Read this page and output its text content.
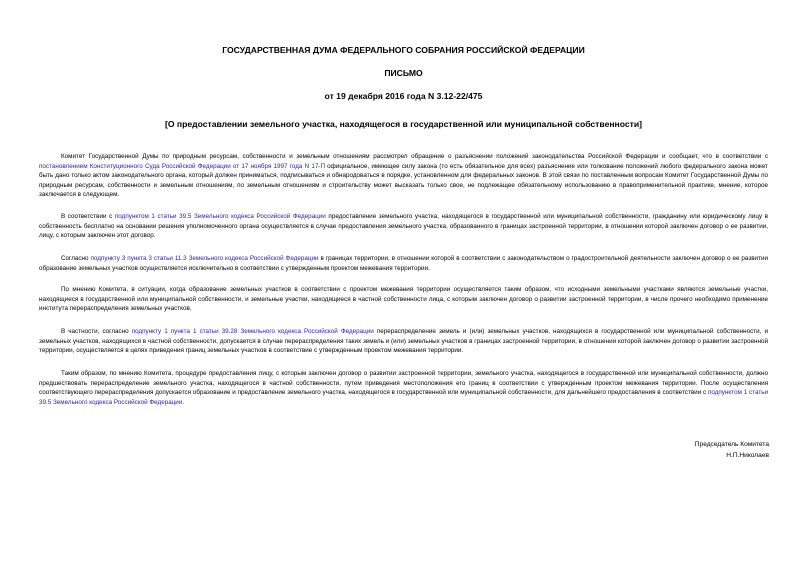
ГОСУДАРСТВЕННАЯ ДУМА ФЕДЕРАЛЬНОГО СОБРАНИЯ РОССИЙСКОЙ ФЕДЕРАЦИИ
ПИСЬМО
от 19 декабря 2016 года N 3.12-22/475
[О предоставлении земельного участка, находящегося в государственной или муниципальной собственности]

Комитет Государственной Думы по природным ресурсам, собственности и земельным отношениям рассмотрел обращение о разъяснении положений законодательства Российской Федерации и сообщает, что в соответствии с постановлением Конституционного Суда Российской Федерации от 17 ноября 1997 года N 17-П официальное, имеющее силу закона (то есть обязательное для всех) разъяснение или толкование положений любого федерального закона может быть дано только актом законодательного органа, который должен приниматься, подписываться и обнародоваться в порядке, установленном для федеральных законов. В этой связи по поставленным вопросам Комитет Государственной Думы по природным ресурсам, собственности и земельным отношениям, по земельным отношениям и строительству может высказать только свое, не подлежащее обязательному использованию в правоприменительной практике, мнение, которое заключается в следующем.

В соответствии с подпунктом 1 статьи 39.5 Земельного кодекса Российской Федерации предоставление земельного участка, находящегося в государственной или муниципальной собственности, гражданину или юридическому лицу в собственность бесплатно на основании решения уполномоченного органа осуществляется в случае предоставления земельного участка, образованного в границах застроенной территории, в отношении которой заключен договор о ее развитии, лицу, с которым заключен этот договор.

Согласно подпункту 3 пункта 3 статьи 11.3 Земельного кодекса Российской Федерации в границах территории, в отношении которой в соответствии с законодательством о градостроительной деятельности заключен договор о ее развитии образование земельных участков осуществляется исключительно в соответствии с утвержденным проектом межевания территории.

По мнению Комитета, в ситуации, когда образование земельных участков в соответствии с проектом межевания территории осуществляется таким образом, что исходными земельными участками являются земельные участки, находящиеся в государственной или муниципальной собственности, и земельные участки, находящиеся в частной собственности лица, с которым заключен договор о развитии застроенной территории, в числе прочего необходимо применение института перераспределения земельных участков.

В частности, согласно подпункту 1 пункта 1 статьи 39.28 Земельного кодекса Российской Федерации перераспределение земель и (или) земельных участков, находящихся в государственной или муниципальной собственности, и земельных участков, находящихся в частной собственности, допускается в случае перераспределения таких земель и (или) земельных участков в границах застроенной территории, в отношении которой заключен договор о развитии застроенной территории, осуществляется в целях приведения границ земельных участков в соответствие с утвержденным проектом межевания территории.

Таким образом, по мнению Комитета, процедуре предоставления лицу, с которым заключен договор о развитии застроенной территории, земельного участка, находящегося в государственной или муниципальной собственности, должно предшествовать перераспределение земельного участка, находящегося в частной собственности, путем приведения местоположения его границ в соответствии с утвержденным проектом межевания территории. После осуществления соответствующего перераспределения допускается образование и предоставление земельного участка, находящегося в государственной или муниципальной собственности, для дальнейшего предоставления в соответствии с подпунктом 1 статьи 39.5 Земельного кодекса Российской Федерации.

Председатель Комитета
Н.П.Николаев
